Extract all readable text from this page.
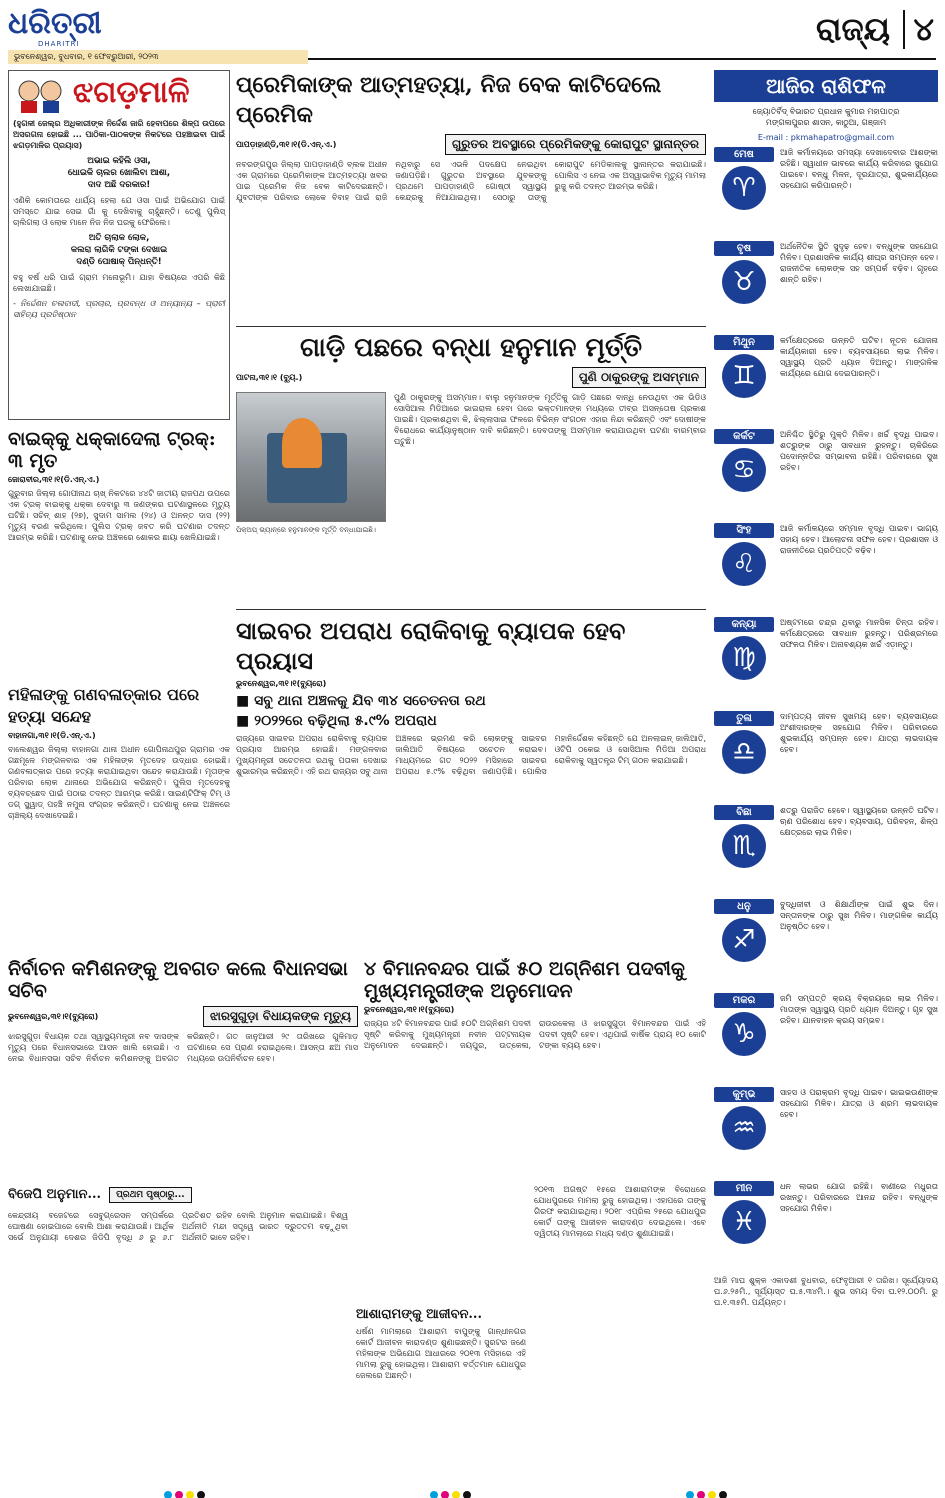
ଧରିତ୍ରୀ
DHARITRI
ଭୁବନେଶ୍ୱର, ବୁଧବାର, ୧ ଫେବ୍ରୁଆରୀ, ୨୦୨୩
ରାଜ୍ୟ ୪
ଝଗଡ଼ମାଳି
(ହୁଗଳୀ ଜେଲ୍‌ର ଅଧିକାରୀଙ୍କ ନିର୍ଦ୍ଦେଶ ଜାରି ହେବାପରେ ଶିଳ୍ପ ଉପରେ ଅସରଗନା ହୋଇଛି ... ପାଠିକା-ପାଠକଙ୍କ ନିକଟରେ ପହଞ୍ଚାଇବା ପାଇଁ ଝଗଡ଼ମାଳିର ପ୍ରୟାସ)
ଅଭାଇ କହିଲି ଓସା,
ଧୋଇକି ଚାଲର ଖୋଲିବା ଆଶା,
ଦାଦ ଅଛି ଦରକାର!
ଏଣିକି କୋମତାରେ ଧାର୍ଯ୍ୟ ହେଲା ଯେ ଓସା ପାଇଁ ଅଭିଯୋଗ ପାଇଁ ସମସ୍ତେ ଯାଇ ସେଇ ଗାଁ କୁ ଦେଖିବାକୁ ଚାହୁଁଛନ୍ତି। ତେଣୁ ପୁଲିସ୍ ଚାଲିଗଲା ଓ ଲୋକ ମାନେ ନିଜ ନିଜ ଘରକୁ ଫେରିଲେ।
ଅତି ଚାଲାକ ଲୋକ,
କଲରା ଲାଗିକି ଟଙ୍କା ଦେଖାଇ
ଦଣ୍ଡି ପୋଷାକ୍ ପିନ୍ଧନ୍ତି!
ବହୁ ବର୍ଷ ଧରି ପାଇଁ ଗ୍ରାମ ମନୋଭୂମି। ଯାହା ବିଷୟରେ ଏପରି କିଛି ଲେଖାଯାଇଛି।
- ନିର୍ଦ୍ଦେଶନ ଚଳାବାଦୀ, ପ୍ରଚାର, ପ୍ରବନ୍ଧ ଓ ଅନ୍ୟାନ୍ୟ – ପ୍ରାଚୀ ସାହିତ୍ୟ ପ୍ରତିଷ୍ଠାନ
ବାଇକ୍‌କୁ ଧକ୍କାଦେଲା ଟ୍ରକ୍: ୩ ମୃତ
ଜୋରାବୀର,୩୧।୧(ଡି.ଏନ୍.ଏ.)
ଗୁରୁବାର ଜିଲ୍ଲା ଗୋପୀନାଥ ଚାଖ୍ ନିକଟରେ ୪୪ଟି ଜାତୀୟ ରାଜପଥ ଉପରେ ଏକ ଟ୍ରକ୍ ବାଇକ୍‌କୁ ଧକ୍କା ଦେବାରୁ ୩ ଜଣଙ୍କର ଘଟଣାସ୍ଥଳରେ ମୃତ୍ୟୁ ଘଟିଛି। ସଚିନ୍ ଶାହ (୨୭), ସୁଦାମ ସାମଲ (୨୪) ଓ ଅନନ୍ତ ଦାସ (୨୨) ମୃତ୍ୟୁ ବରଣ କରିଥିଲେ। ପୁଲିସ ଟ୍ରକ୍ ଜବତ କରି ଘଟଣାର ତଦନ୍ତ ଆରମ୍ଭ କରିଛି। ଘଟଣାକୁ ନେଇ ଅଞ୍ଚଳରେ ଶୋକର ଛାୟା ଖେଳିଯାଇଛି।
ମହିଳାଙ୍କୁ ଗଣବଳାତ୍କାର ପରେ ହତ୍ୟା ସନ୍ଦେହ
ବାହାନଗା,୩୧।୧(ଡି.ଏନ୍.ଏ.)
ବାଲେଶ୍ୱର ଜିଲ୍ଲା ବାହାନଗା ଥାନା ଅଧୀନ ଗୋପିନାଥପୁର ଗ୍ରାମର ଏକ ଗଛମୂଳେ ମଙ୍ଗଳବାର ଏକ ମହିଳାଙ୍କ ମୃତଦେହ ଉଦ୍ଧାର ହୋଇଛି। ଗଣବଳାତ୍କାର ପରେ ହତ୍ୟା କରାଯାଇଥିବା ସନ୍ଦେହ କରାଯାଉଛି। ମୃତାଙ୍କ ପରିବାର ଲୋକ ଥାନାରେ ଅଭିଯୋଗ କରିଛନ୍ତି। ପୁଲିସ ମୃତଦେହକୁ ବ୍ୟବଚ୍ଛେଦ ପାଇଁ ପଠାଇ ତଦନ୍ତ ଆରମ୍ଭ କରିଛି। ସାଇଣ୍ଟିଫିକ୍ ଟିମ୍ ଓ ଡଗ୍ ସ୍କ୍ୱାଡ୍ ପହଞ୍ଚି ନମୁନା ସଂଗ୍ରହ କରିଛନ୍ତି। ଘଟଣାକୁ ନେଇ ଅଞ୍ଚଳରେ ଚାଞ୍ଚଲ୍ୟ ଦେଖାଦେଇଛି।
ପ୍ରେମିକାଙ୍କ ଆତ୍ମହତ୍ୟା, ନିଜ ବେକ କାଟିଦେଲେ ପ୍ରେମିକ
ପାପଡ଼ାହାଣ୍ଡି,୩୧।୧(ଡି.ଏନ୍.ଏ.)	ଗୁରୁତର ଅବସ୍ଥାରେ ପ୍ରେମିକଙ୍କୁ କୋରାପୁଟ ସ୍ଥାନାନ୍ତର
ନବରଙ୍ଗପୁର ଜିଲ୍ଲା ପାପଡ଼ାହାଣ୍ଡି ବ୍ଲକ ଅଧୀନ ଏକ ଗ୍ରାମରେ ପ୍ରେମିକାଙ୍କ ଆତ୍ମହତ୍ୟା ଖବର ପାଇ ପ୍ରେମିକ ନିଜ ବେକ କାଟିଦେଇଛନ୍ତି। ଯୁବତୀଙ୍କ ପରିବାର ଲୋକେ ବିବାହ ପାଇଁ ରାଜି ନଥିବାରୁ ସେ ଏଭଳି ପଦକ୍ଷେପ ନେଇଥିବା ଜଣାପଡ଼ିଛି। ଗୁରୁତର ଅବସ୍ଥାରେ ଯୁବକଙ୍କୁ ପ୍ରଥମେ ପାପଡ଼ାହାଣ୍ଡି ଗୋଷ୍ଠୀ ସ୍ୱାସ୍ଥ୍ୟ କେନ୍ଦ୍ରକୁ ନିଆଯାଇଥିଲା। ସେଠାରୁ ତାଙ୍କୁ କୋରାପୁଟ ମେଡିକାଲକୁ ସ୍ଥାନାନ୍ତର କରାଯାଇଛି। ପୋଲିସ ଏ ନେଇ ଏକ ଅସ୍ୱାଭାବିକ ମୃତ୍ୟୁ ମାମଲା ରୁଜୁ କରି ତଦନ୍ତ ଆରମ୍ଭ କରିଛି।
ଗାଡ଼ି ପଛରେ ବନ୍ଧା ହନୁମାନ ମୂର୍ତ୍ତି
ପାଟନା,୩୧।୧ (ବ୍ୟୁ.)	ପୁଣି ଠାକୁରଙ୍କୁ ଅସମ୍ମାନ
ପୁଣି ଠାକୁରଙ୍କୁ ଅସମ୍ମାନ। ବାଲୁ ହନୁମାନଙ୍କ ମୂର୍ତ୍ତିକୁ ଗାଡ଼ି ପଛରେ ବାନ୍ଧି ନେଉଥିବା ଏକ ଭିଡିଓ ସୋସିଆଲ ମିଡିଆରେ ଭାଇରାଲ ହେବା ପରେ ଭକ୍ତମାନଙ୍କ ମଧ୍ୟରେ ତୀବ୍ର ଅସନ୍ତୋଷ ପ୍ରକାଶ ପାଇଛି। ପ୍ରକାଶଥିବା କି, ଝିଲ୍ଲାସାଇ ଫଳରେ ବିଭିନ୍ନ ସଂଗଠନ ଏହାର ନିନ୍ଦା କରିଛନ୍ତି ଏବଂ ଦୋଷୀଙ୍କ ବିରୋଧରେ କାର୍ଯ୍ୟାନୁଷ୍ଠାନ ଦାବି କରିଛନ୍ତି। ଦେବତାଙ୍କୁ ଅସମ୍ମାନ କରାଯାଉଥିବା ଘଟଣା ବାରମ୍ବାର ଘଟୁଛି।
ପିକ୍‌ଅପ୍ ଭ୍ୟାନ୍‌ରେ ହନୁମାନଙ୍କ ମୂର୍ତ୍ତି ବନ୍ଧାଯାଇଛି।
ସାଇବର ଅପରାଧ ରୋକିବାକୁ ବ୍ୟାପକ ହେବ ପ୍ରୟାସ
ଭୁବନେଶ୍ୱର,୩୧।୧(ବ୍ୟୁରୋ)
■ ସବୁ ଥାନା ଅଞ୍ଚଳକୁ ଯିବ ୩୪ ସଚେତନତା ରଥ
■ ୨୦୨୨ରେ ବଢ଼ିଥିଲା ୫.୯% ଅପରାଧ
ରାଜ୍ୟରେ ସାଇବର ଅପରାଧ ରୋକିବାକୁ ବ୍ୟାପକ ପ୍ରୟାସ ଆରମ୍ଭ ହୋଇଛି। ମଙ୍ଗଳବାର ମୁଖ୍ୟମନ୍ତ୍ରୀ ସଚେତନତା ରଥକୁ ପତାକା ଦେଖାଇ ଶୁଭାରମ୍ଭ କରିଛନ୍ତି। ଏହି ରଥ ରାଜ୍ୟର ସବୁ ଥାନା ଅଞ୍ଚଳରେ ଭ୍ରମଣ କରି ଲୋକଙ୍କୁ ସାଇବର ଜାଲିଆତି ବିଷୟରେ ସଚେତନ କରାଇବ। ମାଧ୍ୟମରେ ଗତ ୨୦୨୨ ମସିହାରେ ସାଇବର ଅପରାଧ ୫.୯% ବଢ଼ିଥିବା ଜଣାପଡ଼ିଛି। ପୋଲିସ ମହାନିର୍ଦ୍ଦେଶକ କହିଛନ୍ତି ଯେ ଅନଲାଇନ୍ ଜାଲିଆତି, ଓଟିପି ଠକେଇ ଓ ସୋସିଆଲ ମିଡିଆ ଅପରାଧ ରୋକିବାକୁ ସ୍ୱତନ୍ତ୍ର ଟିମ୍ ଗଠନ କରାଯାଇଛି।
ନିର୍ବାଚନ କମିଶନଙ୍କୁ ଅବଗତ କଲେ ବିଧାନସଭା ସଚିବ
ଭୁବନେଶ୍ୱର,୩୧।୧(ବ୍ୟୁରୋ)	ଝାରସୁଗୁଡ଼ା ବିଧାୟକଙ୍କ ମୃତ୍ୟୁ
ଝାରସୁଗୁଡ଼ା ବିଧାୟକ ତଥା ସ୍ୱାସ୍ଥ୍ୟମନ୍ତ୍ରୀ ନବ ଦାସଙ୍କ ମୃତ୍ୟୁ ପରେ ବିଧାନସଭାରେ ଆସନ ଖାଲି ହୋଇଛି। ଏ ନେଇ ବିଧାନସଭା ସଚିବ ନିର୍ବାଚନ କମିଶନଙ୍କୁ ଅବଗତ କରିଛନ୍ତି। ଗତ ଜାନୁଆରୀ ୨୯ ତାରିଖରେ ଗୁଳିମାଡ଼ ଘଟଣାରେ ସେ ପ୍ରାଣ ହରାଇଥିଲେ। ଆସନ୍ତା ଛଅ ମାସ ମଧ୍ୟରେ ଉପନିର୍ବାଚନ ହେବ।
୪ ବିମାନବନ୍ଦର ପାଇଁ ୫୦ ଅଗ୍ନିଶମ ପଦବୀକୁ ମୁଖ୍ୟମନ୍ତ୍ରୀଙ୍କ ଅନୁମୋଦନ
ଭୁବନେଶ୍ୱର,୩୧।୧(ବ୍ୟୁରୋ)
ରାଜ୍ୟର ୪ଟି ବିମାନବନ୍ଦର ପାଇଁ ୫୦ଟି ଅଗ୍ନିଶମ ପଦବୀ ସୃଷ୍ଟି କରିବାକୁ ମୁଖ୍ୟମନ୍ତ୍ରୀ ନବୀନ ପଟ୍ଟନାୟକ ଅନୁମୋଦନ ଦେଇଛନ୍ତି। ଜୟପୁର, ଉତ୍କେଳା, ରାଉରକେଲା ଓ ଝାରସୁଗୁଡ଼ା ବିମାନବନ୍ଦର ପାଇଁ ଏହି ପଦବୀ ସୃଷ୍ଟି ହେବ। ଏଥିପାଇଁ ବାର୍ଷିକ ପ୍ରାୟ ୧୦ କୋଟି ଟଙ୍କା ବ୍ୟୟ ହେବ।
ବିଜେପି ଅନୁମାନ...	ପ୍ରଥମ ପୃଷ୍ଠାରୁ...
କେନ୍ଦ୍ରୀୟ ବଜେଟରେ ସେବୁଗ୍ରେସନ ସମ୍ପର୍କରେ ଘୋଷଣା ହୋଇପାରେ ବୋଲି ଆଶା କରାଯାଉଛି। ଆର୍ଥିକ ସର୍ଭେ ଅନୁଯାୟୀ ଦେଶର ଜିଡିପି ବୃଦ୍ଧି ୬ ରୁ ୬.୮ ପ୍ରତିଶତ ରହିବ ବୋଲି ଅନୁମାନ କରାଯାଇଛି। ବିଶ୍ୱ ଅର୍ଥନୀତି ମନ୍ଦା ସତ୍ତ୍ୱେ ଭାରତ ଦ୍ରୁତତମ ବଢ଼ୁଥିବା ଅର୍ଥନୀତି ଭାବେ ରହିବ।
ଆଶାରାମଙ୍କୁ ଆଜୀବନ...
ଧର୍ଷଣ ମାମଲାରେ ଆଶାରାମ ବାପୁଙ୍କୁ ଗାନ୍ଧୀନଗର କୋର୍ଟ ଆଜୀବନ କାରାଦଣ୍ଡ ଶୁଣାଇଛନ୍ତି। ସୁରଟର ଜଣେ ମହିଳାଙ୍କ ଅଭିଯୋଗ ଆଧାରରେ ୨୦୧୩ ମସିହାରେ ଏହି ମାମଲା ରୁଜୁ ହୋଇଥିଲା। ଆଶାରାମ ବର୍ତ୍ତମାନ ଯୋଧପୁର ଜେଲରେ ଅଛନ୍ତି।
୨୦୧୩ ଅଗଷ୍ଟ ୧୫ରେ ଆଶାରାମଙ୍କ ବିରୋଧରେ ଯୋଧପୁରରେ ମାମଲା ରୁଜୁ ହୋଇଥିଲା। ଏହାପରେ ତାଙ୍କୁ ଗିରଫ କରାଯାଇଥିଲା। ୨୦୧୮ ଏପ୍ରିଲ ୨୫ରେ ଯୋଧପୁର କୋର୍ଟ ତାଙ୍କୁ ଆଜୀବନ କାରାଦଣ୍ଡ ଦେଇଥିଲେ। ଏବେ ଦ୍ୱିତୀୟ ମାମଲାରେ ମଧ୍ୟ ଦଣ୍ଡ ଶୁଣାଯାଇଛି।
ଆଜିର ରାଶିଫଳ
ଜ୍ୟୋତିର୍ବିଦ୍ ବିଭାରତ ପ୍ରଧାନ କୁମାର ମହାପାତ୍ର
ମଙ୍ଗଳାପୁରର ଶାସନ, କାଠୁଆ, ଗଞ୍ଜାମ
E-mail : pkmahapatro@gmail.com
ମେଷ
♈
ଆଜି କର୍ମାଳୟରେ ସମସ୍ୟା ଦେଖାଦେବାର ଆଶଙ୍କା ରହିଛି। ସ୍ୱାଧୀନ ଭାବରେ କାର୍ଯ୍ୟ କରିବାରେ ସୁଯୋଗ ପାଇବେ। ବନ୍ଧୁ ମିଳନ, ଦୂରଯାତ୍ରା, ଶୁଭକାର୍ଯ୍ୟରେ ସହଯୋଗ କରିପାରନ୍ତି।
ବୃଷ
♉
ଅର୍ଥନୈତିକ ସ୍ଥିତି ସୁଦୃଢ଼ ହେବ। ବନ୍ଧୁଙ୍କ ସହଯୋଗ ମିଳିବ। ପ୍ରଶାସନିକ କାର୍ଯ୍ୟ ଶୀଘ୍ର ସମ୍ପନ୍ନ ହେବ। ରାଜନୀତିକ ଲୋକଙ୍କ ସହ ସମ୍ପର୍କ ବଢ଼ିବ। ଗୃହରେ ଶାନ୍ତି ରହିବ।
ମିଥୁନ
♊
କର୍ମକ୍ଷେତ୍ରରେ ଉନ୍ନତି ଘଟିବ। ନୂତନ ଯୋଜନା କାର୍ଯ୍ୟକାରୀ ହେବ। ବ୍ୟବସାୟରେ ଲାଭ ମିଳିବ। ସ୍ୱାସ୍ଥ୍ୟ ପ୍ରତି ଧ୍ୟାନ ଦିଅନ୍ତୁ। ମାଙ୍ଗଳିକ କାର୍ଯ୍ୟରେ ଯୋଗ ଦେଇପାରନ୍ତି।
କର୍କଟ
♋
ଅନିଶ୍ଚିତ ସ୍ଥିତିରୁ ମୁକ୍ତି ମିଳିବ। ଖର୍ଚ୍ଚ ବୃଦ୍ଧି ପାଇବ। ଶତ୍ରୁଙ୍କ ଠାରୁ ସାବଧାନ ରୁହନ୍ତୁ। ଚାକିରିରେ ପଦୋନ୍ନତିର ସମ୍ଭାବନା ରହିଛି। ପରିବାରରେ ସୁଖ ରହିବ।
ସିଂହ
♌
ଆଜି କର୍ମାଳୟରେ ସମ୍ମାନ ବୃଦ୍ଧି ପାଇବ। ଭାଗ୍ୟ ସହାୟ ହେବ। ଆଲୋଚନା ସଫଳ ହେବ। ପ୍ରଶାସନ ଓ ରାଜନୀତିରେ ପ୍ରତିପତ୍ତି ବଢ଼ିବ।
କନ୍ୟା
♍
ଅଷ୍ଟମରେ ଚନ୍ଦ୍ର ଥିବାରୁ ମାନସିକ ଚିନ୍ତା ରହିବ। କର୍ମକ୍ଷେତ୍ରରେ ସାବଧାନ ରୁହନ୍ତୁ। ପରିଶ୍ରମରେ ସଫଳତା ମିଳିବ। ଅନାବଶ୍ୟକ ଖର୍ଚ୍ଚ ଏଡ଼ାନ୍ତୁ।
ତୁଳା
♎
ଦାମ୍ପତ୍ୟ ଜୀବନ ସୁଖମୟ ହେବ। ବ୍ୟବସାୟରେ ଅଂଶୀଦାରଙ୍କ ସହଯୋଗ ମିଳିବ। ପରିବାରରେ ଶୁଭକାର୍ଯ୍ୟ ସମ୍ପନ୍ନ ହେବ। ଯାତ୍ରା ଲାଭଦାୟକ ହେବ।
ବିଛା
♏
ଶତ୍ରୁ ପରାଜିତ ହେବେ। ସ୍ୱାସ୍ଥ୍ୟରେ ଉନ୍ନତି ଘଟିବ। ଋଣ ପରିଶୋଧ ହେବ। ବ୍ୟବସାୟ, ପରିବହନ, ଶିଳ୍ପ କ୍ଷେତ୍ରରେ ଲାଭ ମିଳିବ।
ଧନୁ
♐
ବୁଦ୍ଧିଜୀବୀ ଓ ଶିକ୍ଷାର୍ଥୀଙ୍କ ପାଇଁ ଶୁଭ ଦିନ। ସନ୍ତାନଙ୍କ ଠାରୁ ସୁଖ ମିଳିବ। ମାଙ୍ଗଳିକ କାର୍ଯ୍ୟ ଅନୁଷ୍ଠିତ ହେବ।
ମକର
♑
ଜମି ସମ୍ପତ୍ତି କ୍ରୟ ବିକ୍ରୟରେ ଲାଭ ମିଳିବ। ମାତାଙ୍କ ସ୍ୱାସ୍ଥ୍ୟ ପ୍ରତି ଧ୍ୟାନ ଦିଅନ୍ତୁ। ଗୃହ ସୁଖ ରହିବ। ଯାନବାହନ କ୍ରୟ ସମ୍ଭବ।
କୁମ୍ଭ
♒
ସାହସ ଓ ପରାକ୍ରମ ବୃଦ୍ଧି ପାଇବ। ଭାଇଭଉଣୀଙ୍କ ସହଯୋଗ ମିଳିବ। ଯାତ୍ରା ଓ ଶ୍ରମ ଲାଭଦାୟକ ହେବ।
ମୀନ
♓
ଧନ ଲାଭର ଯୋଗ ରହିଛି। ବାଣୀରେ ମଧୁରତା ରଖନ୍ତୁ। ପରିବାରରେ ଆନନ୍ଦ ରହିବ। ବନ୍ଧୁଙ୍କ ସହଯୋଗ ମିଳିବ।
ଆଜି ମାଘ ଶୁକ୍ଳ ଏକାଦଶୀ ବୁଧବାର, ଫେବୃଆରୀ ୧ ତାରିଖ। ସୂର୍ଯ୍ୟୋଦୟ ଘ.୬.୨୫ମି., ସୂର୍ଯ୍ୟାସ୍ତ ଘ.୫.୩୪ମି.। ଶୁଭ ସମୟ ଦିବା ଘ.୧୨.୦୦ମି. ରୁ ଘ.୧.୩୫ମି. ପର୍ଯ୍ୟନ୍ତ।
